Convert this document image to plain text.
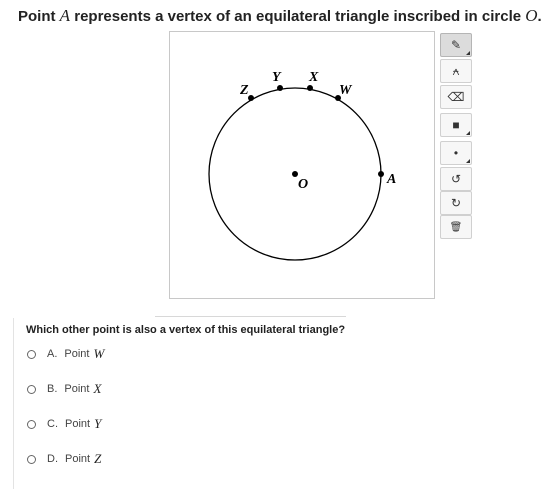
Point A represents a vertex of an equilateral triangle inscribed in circle O.
Z
Y X
W
A
O
✎
⍲
⌫
■
•
↺
↻
🗑
Which other point is also a vertex of this equilateral triangle?
A. Point W
B. Point X
C. Point Y
D. Point Z
